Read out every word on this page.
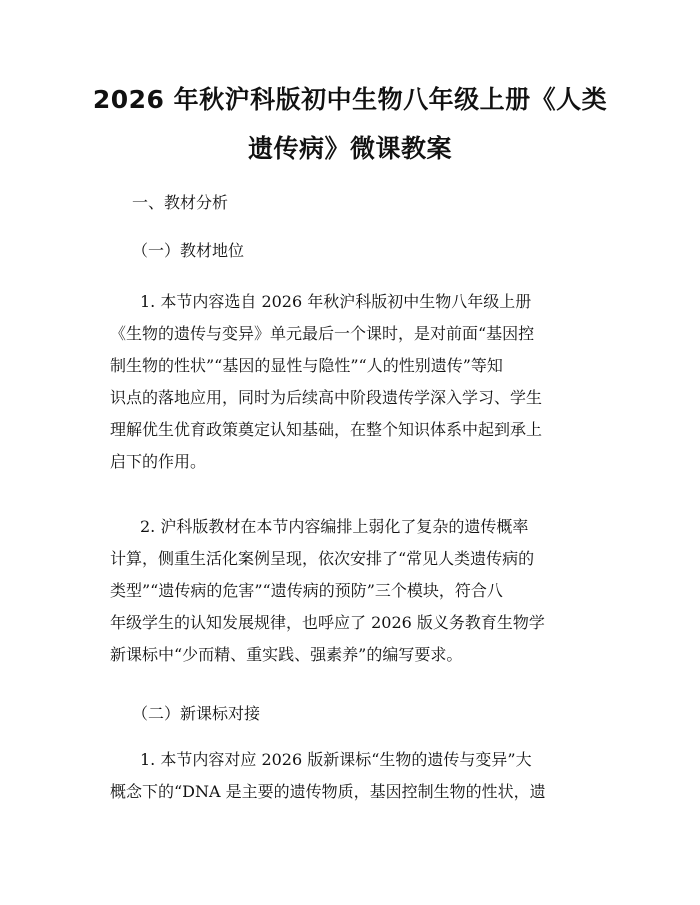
2026 年秋沪科版初中生物八年级上册《人类
遗传病》微课教案
一、教材分析
（一）教材地位
1. 本节内容选自 2026 年秋沪科版初中生物八年级上册
《生物的遗传与变异》单元最后一个课时，是对前面“基因控
制生物的性状”“基因的显性与隐性”“人的性别遗传”等知
识点的落地应用，同时为后续高中阶段遗传学深入学习、学生
理解优生优育政策奠定认知基础，在整个知识体系中起到承上
启下的作用。
2. 沪科版教材在本节内容编排上弱化了复杂的遗传概率
计算，侧重生活化案例呈现，依次安排了“常见人类遗传病的
类型”“遗传病的危害”“遗传病的预防”三个模块，符合八
年级学生的认知发展规律，也呼应了 2026 版义务教育生物学
新课标中“少而精、重实践、强素养”的编写要求。
（二）新课标对接
1. 本节内容对应 2026 版新课标“生物的遗传与变异”大
概念下的“DNA 是主要的遗传物质，基因控制生物的性状，遗
